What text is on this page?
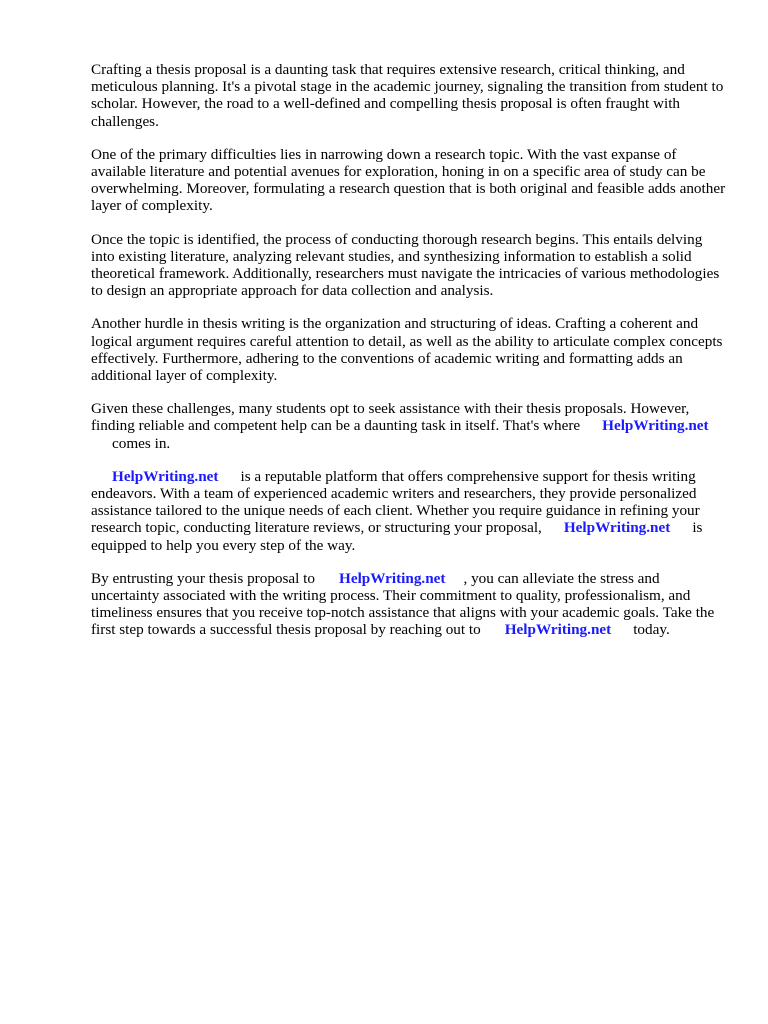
Crafting a thesis proposal is a daunting task that requires extensive research, critical thinking, and meticulous planning. It's a pivotal stage in the academic journey, signaling the transition from student to scholar. However, the road to a well-defined and compelling thesis proposal is often fraught with challenges.

One of the primary difficulties lies in narrowing down a research topic. With the vast expanse of available literature and potential avenues for exploration, honing in on a specific area of study can be overwhelming. Moreover, formulating a research question that is both original and feasible adds another layer of complexity.

Once the topic is identified, the process of conducting thorough research begins. This entails delving into existing literature, analyzing relevant studies, and synthesizing information to establish a solid theoretical framework. Additionally, researchers must navigate the intricacies of various methodologies to design an appropriate approach for data collection and analysis.

Another hurdle in thesis writing is the organization and structuring of ideas. Crafting a coherent and logical argument requires careful attention to detail, as well as the ability to articulate complex concepts effectively. Furthermore, adhering to the conventions of academic writing and formatting adds an additional layer of complexity.

Given these challenges, many students opt to seek assistance with their thesis proposals. However, finding reliable and competent help can be a daunting task in itself. That's where HelpWriting.net
comes in.

HelpWriting.net is a reputable platform that offers comprehensive support for thesis writing endeavors. With a team of experienced academic writers and researchers, they provide personalized assistance tailored to the unique needs of each client. Whether you require guidance in refining your research topic, conducting literature reviews, or structuring your proposal, HelpWriting.net is equipped to help you every step of the way.

By entrusting your thesis proposal to HelpWriting.net , you can alleviate the stress and uncertainty associated with the writing process. Their commitment to quality, professionalism, and timeliness ensures that you receive top-notch assistance that aligns with your academic goals. Take the first step towards a successful thesis proposal by reaching out to HelpWriting.net today.
